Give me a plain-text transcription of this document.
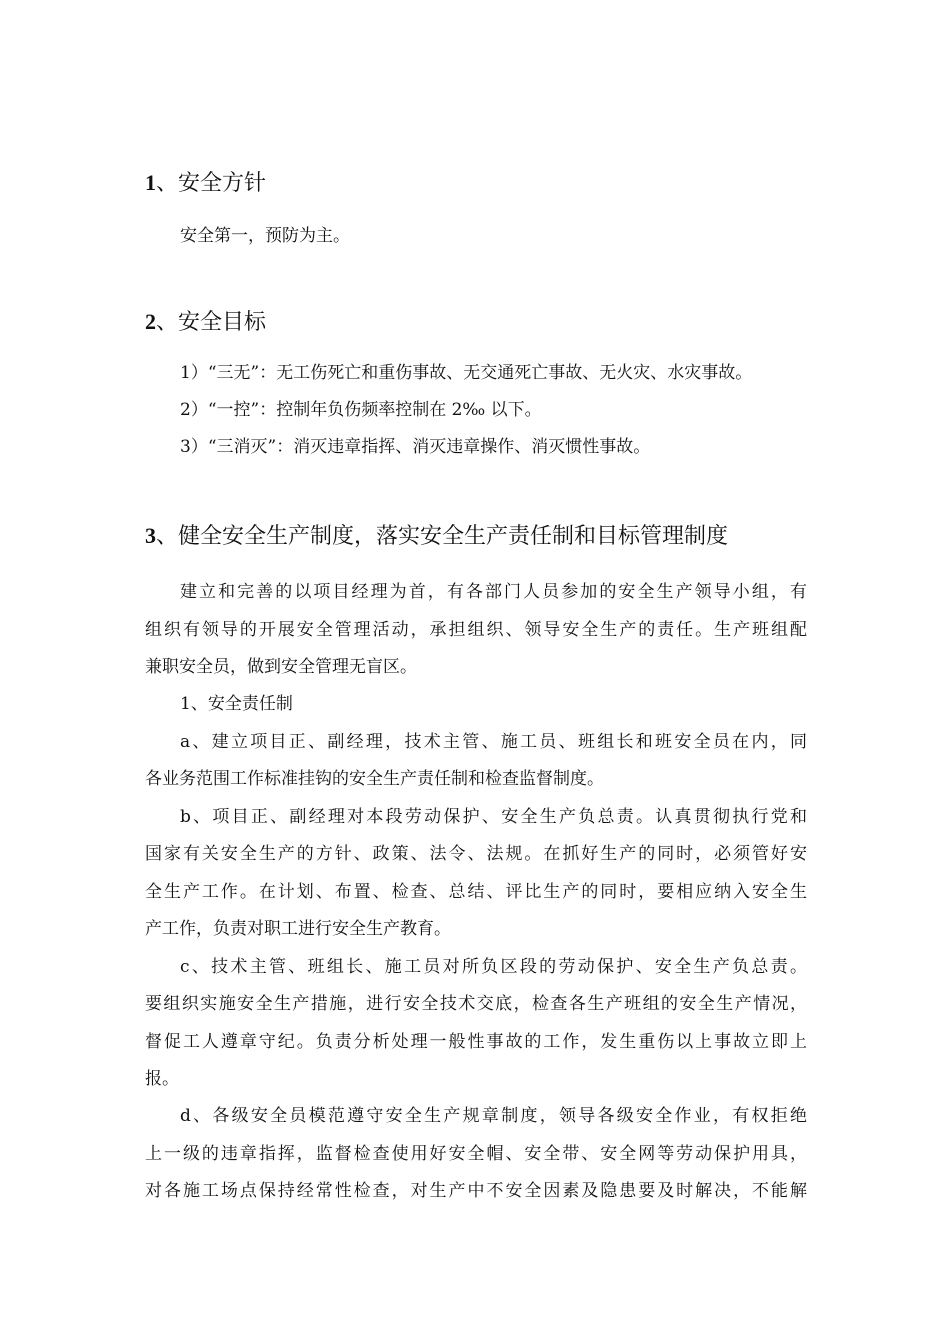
1、安全方针

安全第一，预防为主。

2、安全目标

1）“三无”：无工伤死亡和重伤事故、无交通死亡事故、无火灾、水灾事故。

2）“一控”：控制年负伤频率控制在 2‰ 以下。

3）“三消灭”：消灭违章指挥、消灭违章操作、消灭惯性事故。

3、健全安全生产制度，落实安全生产责任制和目标管理制度

建立和完善的以项目经理为首，有各部门人员参加的安全生产领导小组，有

组织有领导的开展安全管理活动，承担组织、领导安全生产的责任。生产班组配

兼职安全员，做到安全管理无盲区。

1、安全责任制

a、建立项目正、副经理，技术主管、施工员、班组长和班安全员在内，同

各业务范围工作标准挂钩的安全生产责任制和检查监督制度。

b、项目正、副经理对本段劳动保护、安全生产负总责。认真贯彻执行党和

国家有关安全生产的方针、政策、法令、法规。在抓好生产的同时，必须管好安

全生产工作。在计划、布置、检查、总结、评比生产的同时，要相应纳入安全生

产工作，负责对职工进行安全生产教育。

c、技术主管、班组长、施工员对所负区段的劳动保护、安全生产负总责。

要组织实施安全生产措施，进行安全技术交底，检查各生产班组的安全生产情况，

督促工人遵章守纪。负责分析处理一般性事故的工作，发生重伤以上事故立即上

报。

d、各级安全员模范遵守安全生产规章制度，领导各级安全作业，有权拒绝

上一级的违章指挥，监督检查使用好安全帽、安全带、安全网等劳动保护用具，

对各施工场点保持经常性检查，对生产中不安全因素及隐患要及时解决，不能解
